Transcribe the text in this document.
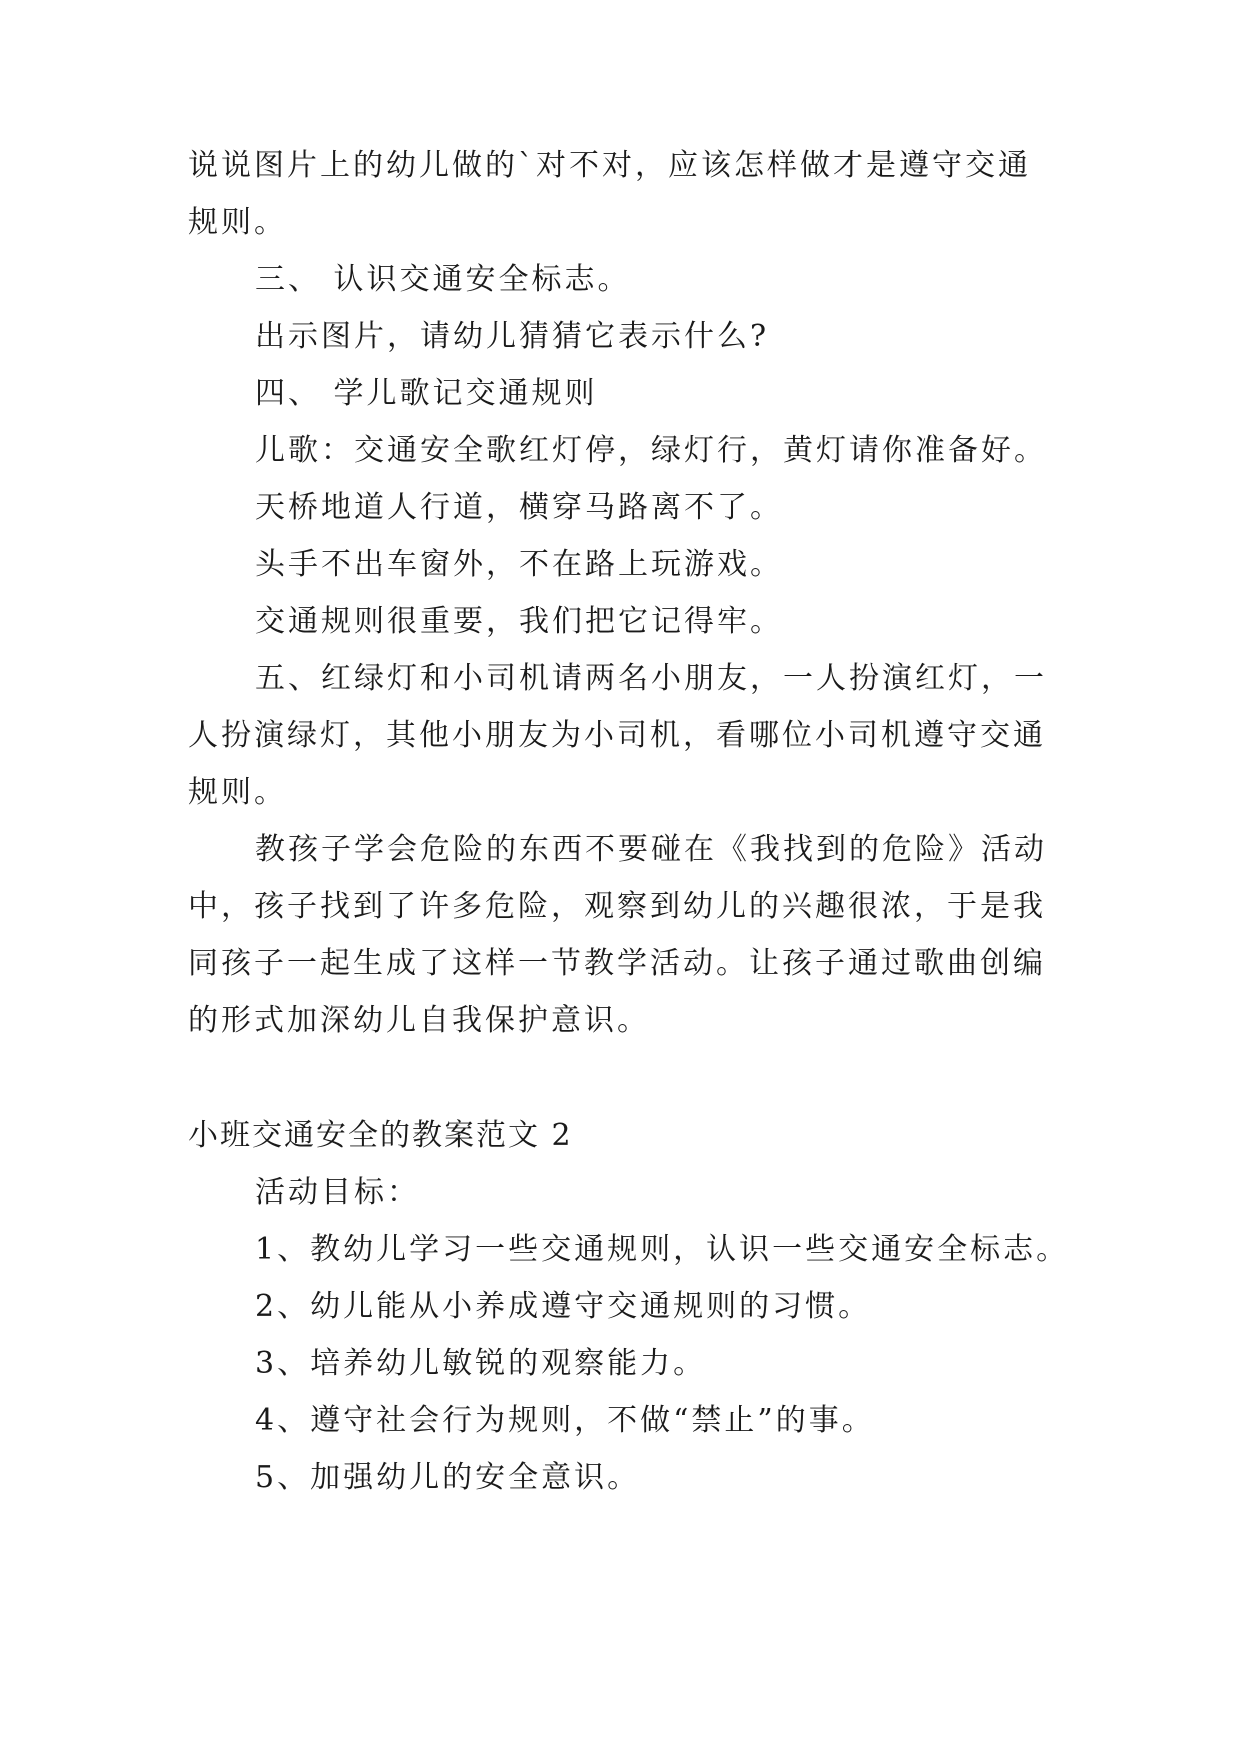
说说图片上的幼儿做的`对不对，应该怎样做才是遵守交通

规则。

三、 认识交通安全标志。

出示图片，请幼儿猜猜它表示什么?

四、 学儿歌记交通规则

儿歌：交通安全歌红灯停，绿灯行，黄灯请你准备好。

天桥地道人行道，横穿马路离不了。

头手不出车窗外，不在路上玩游戏。

交通规则很重要，我们把它记得牢。

五、红绿灯和小司机请两名小朋友，一人扮演红灯，一

人扮演绿灯，其他小朋友为小司机，看哪位小司机遵守交通

规则。

教孩子学会危险的东西不要碰在《我找到的危险》活动

中，孩子找到了许多危险，观察到幼儿的兴趣很浓，于是我

同孩子一起生成了这样一节教学活动。让孩子通过歌曲创编

的形式加深幼儿自我保护意识。

小班交通安全的教案范文 2

活动目标：

1、教幼儿学习一些交通规则，认识一些交通安全标志。

2、幼儿能从小养成遵守交通规则的习惯。

3、培养幼儿敏锐的观察能力。

4、遵守社会行为规则，不做“禁止”的事。

5、加强幼儿的安全意识。
